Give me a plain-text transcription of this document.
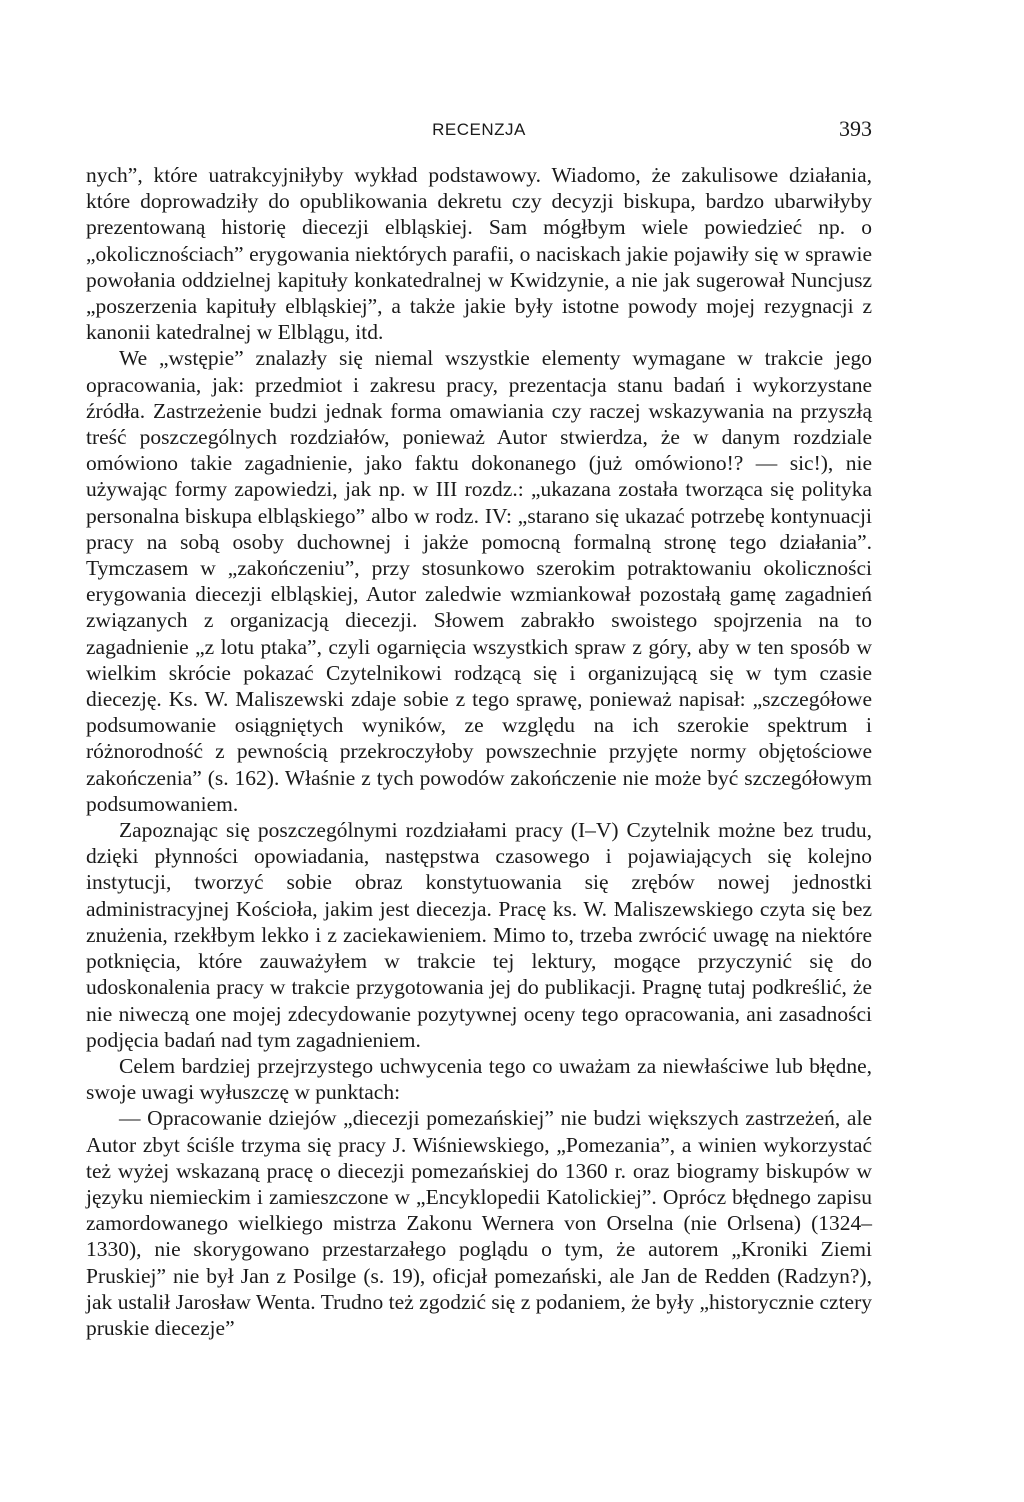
RECENZJA	393

nych”, które uatrakcyjniłyby wykład podstawowy. Wiadomo, że zakulisowe działania, które doprowadziły do opublikowania dekretu czy decyzji biskupa, bardzo ubarwiłyby prezentowaną historię diecezji elbląskiej. Sam mógłbym wiele powiedzieć np. o „okolicznościach” erygowania niektórych parafii, o naciskach jakie pojawiły się w sprawie powołania oddzielnej kapituły konkatedralnej w Kwidzynie, a nie jak sugerował Nuncjusz „poszerzenia kapituły elbląskiej”, a także jakie były istotne powody mojej rezygnacji z kanonii katedralnej w Elblągu, itd.

We „wstępie” znalazły się niemal wszystkie elementy wymagane w trakcie jego opracowania, jak: przedmiot i zakresu pracy, prezentacja stanu badań i wykorzystane źródła. Zastrzeżenie budzi jednak forma omawiania czy raczej wskazywania na przyszłą treść poszczególnych rozdziałów, ponieważ Autor stwierdza, że w danym rozdziale omówiono takie zagadnienie, jako faktu dokonanego (już omówiono!? — sic!), nie używając formy zapowiedzi, jak np. w III rozdz.: „ukazana została tworząca się polityka personalna biskupa elbląskiego” albo w rodz. IV: „starano się ukazać potrzebę kontynuacji pracy na sobą osoby duchownej i jakże pomocną formalną stronę tego działania”. Tymczasem w „zakończeniu”, przy stosunkowo szerokim potraktowaniu okoliczności erygowania diecezji elbląskiej, Autor zaledwie wzmiankował pozostałą gamę zagadnień związanych z organizacją diecezji. Słowem zabrakło swoistego spojrzenia na to zagadnienie „z lotu ptaka”, czyli ogarnięcia wszystkich spraw z góry, aby w ten sposób w wielkim skrócie pokazać Czytelnikowi rodzącą się i organizującą się w tym czasie diecezję. Ks. W. Maliszewski zdaje sobie z tego sprawę, ponieważ napisał: „szczegółowe podsumowanie osiągniętych wyników, ze względu na ich szerokie spektrum i różnorodność z pewnością przekroczyłoby powszechnie przyjęte normy objętościowe zakończenia” (s. 162). Właśnie z tych powodów zakończenie nie może być szczegółowym podsumowaniem.

Zapoznając się poszczególnymi rozdziałami pracy (I–V) Czytelnik możne bez trudu, dzięki płynności opowiadania, następstwa czasowego i pojawiających się kolejno instytucji, tworzyć sobie obraz konstytuowania się zrębów nowej jednostki administracyjnej Kościoła, jakim jest diecezja. Pracę ks. W. Maliszewskiego czyta się bez znużenia, rzekłbym lekko i z zaciekawieniem. Mimo to, trzeba zwrócić uwagę na niektóre potknięcia, które zauważyłem w trakcie tej lektury, mogące przyczynić się do udoskonalenia pracy w trakcie przygotowania jej do publikacji. Pragnę tutaj podkreślić, że nie niweczą one mojej zdecydowanie pozytywnej oceny tego opracowania, ani zasadności podjęcia badań nad tym zagadnieniem.

Celem bardziej przejrzystego uchwycenia tego co uważam za niewłaściwe lub błędne, swoje uwagi wyłuszczę w punktach:

— Opracowanie dziejów „diecezji pomezańskiej” nie budzi większych zastrzeżeń, ale Autor zbyt ściśle trzyma się pracy J. Wiśniewskiego, „Pomezania”, a winien wykorzystać też wyżej wskazaną pracę o diecezji pomezańskiej do 1360 r. oraz biogramy biskupów w języku niemieckim i zamieszczone w „Encyklopedii Katolickiej”. Oprócz błędnego zapisu zamordowanego wielkiego mistrza Zakonu Wernera von Orselna (nie Orlsena) (1324–1330), nie skorygowano przestarzałego poglądu o tym, że autorem „Kroniki Ziemi Pruskiej” nie był Jan z Posilge (s. 19), oficjał pomezański, ale Jan de Redden (Radzyn?), jak ustalił Jarosław Wenta. Trudno też zgodzić się z podaniem, że były „historycznie cztery pruskie diecezje”
